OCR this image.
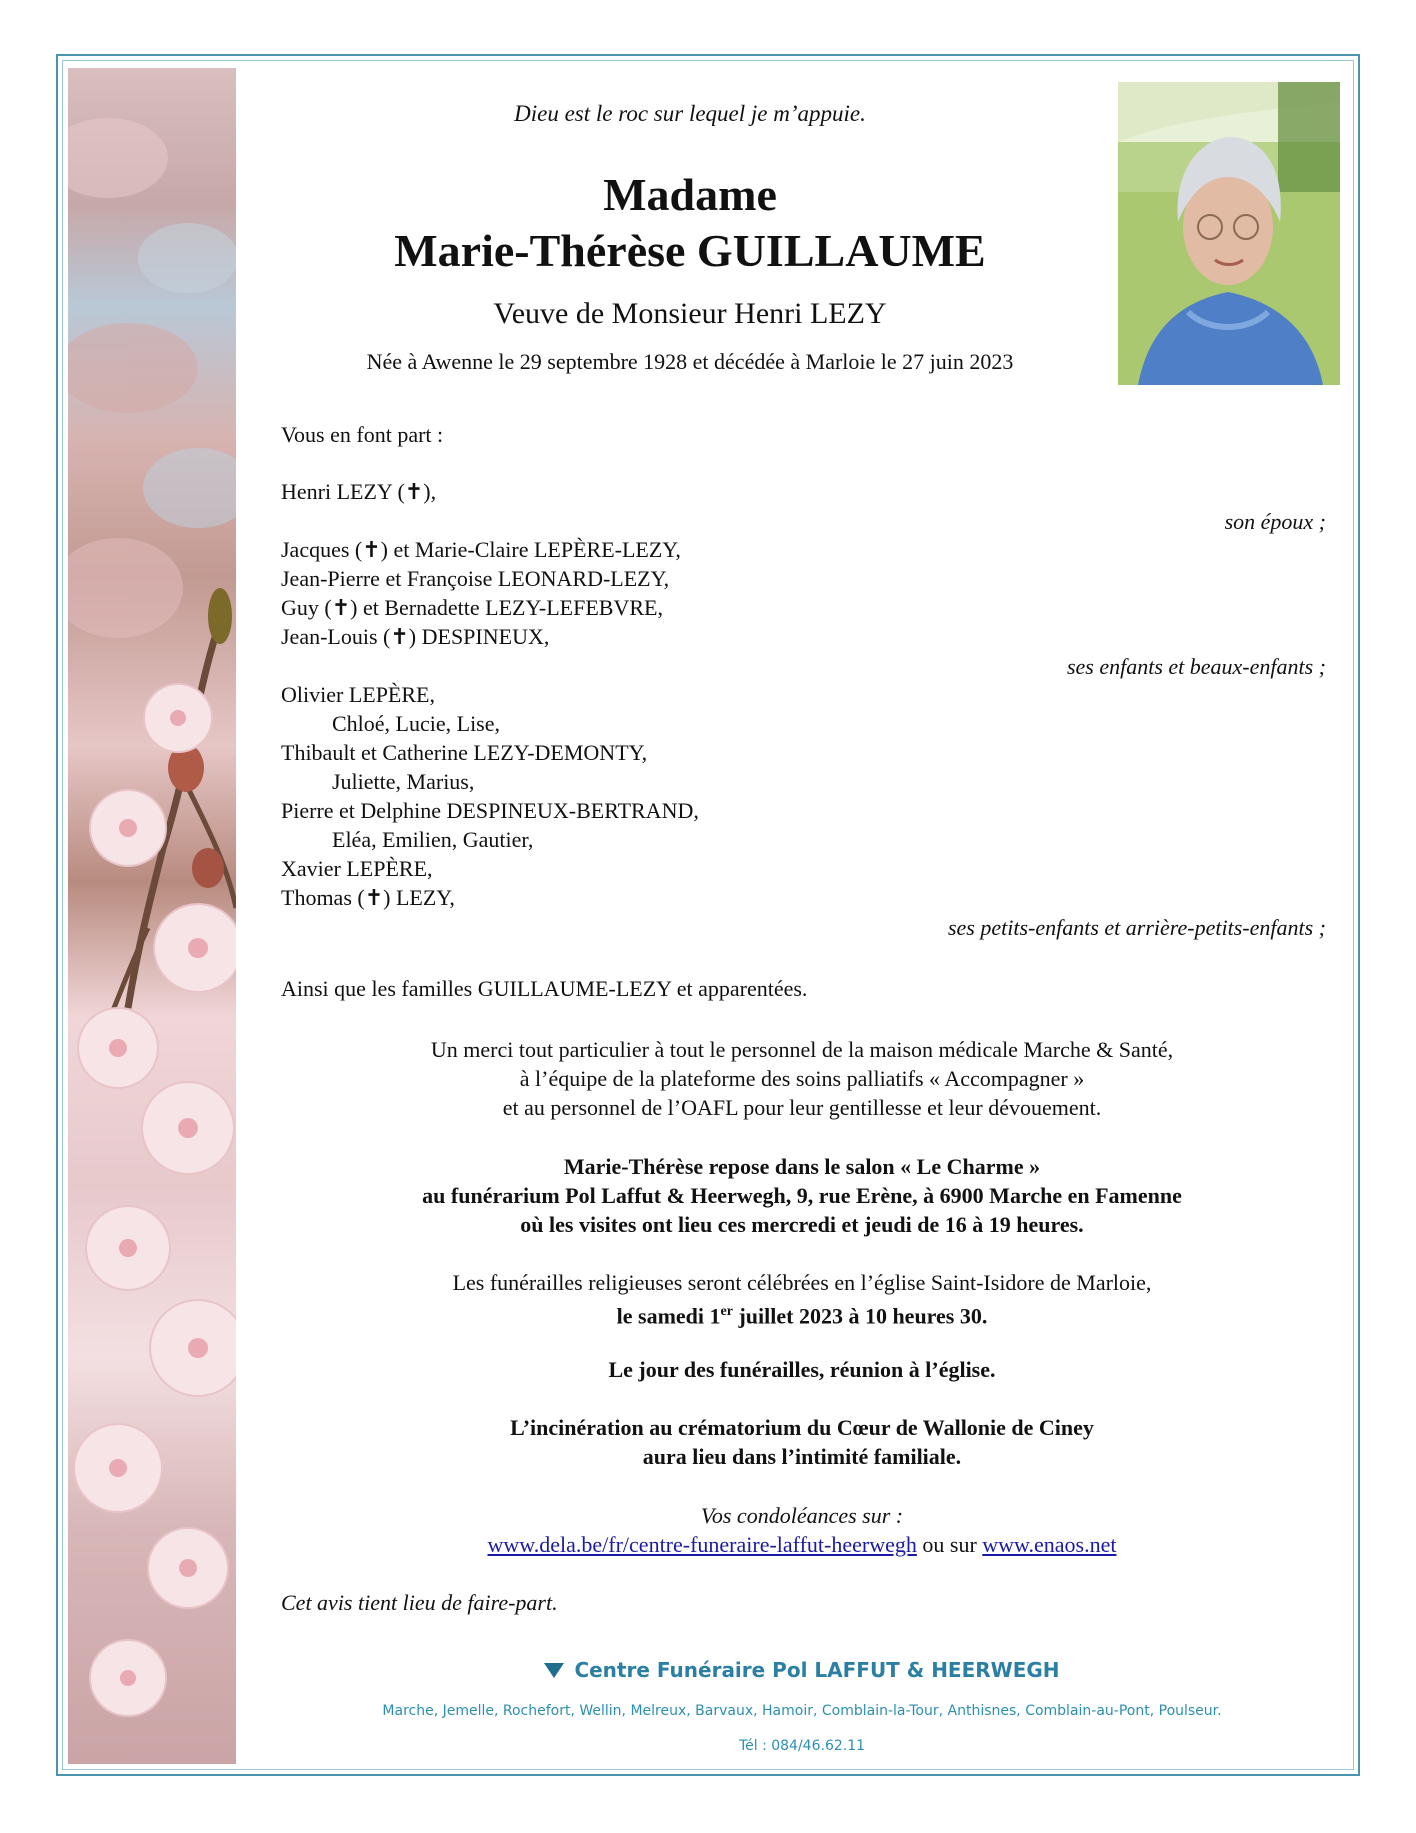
Dieu est le roc sur lequel je m’appuie.

Madame

Marie-Thérèse GUILLAUME

Veuve de Monsieur Henri LEZY

Née à Awenne le 29 septembre 1928 et décédée à Marloie le 27 juin 2023

Vous en font part :

Henri LEZY (✝),

son époux ;

Jacques (✝) et Marie-Claire LEPÈRE-LEZY,

Jean-Pierre et Françoise LEONARD-LEZY,

Guy (✝) et Bernadette LEZY-LEFEBVRE,

Jean-Louis (✝) DESPINEUX,

ses enfants et beaux-enfants ;

Olivier LEPÈRE,

Chloé, Lucie, Lise,

Thibault et Catherine LEZY-DEMONTY,

Juliette, Marius,

Pierre et Delphine DESPINEUX-BERTRAND,

Eléa, Emilien, Gautier,

Xavier LEPÈRE,

Thomas (✝) LEZY,

ses petits-enfants et arrière-petits-enfants ;

Ainsi que les familles GUILLAUME-LEZY et apparentées.

Un merci tout particulier à tout le personnel de la maison médicale Marche & Santé,

à l’équipe de la plateforme des soins palliatifs « Accompagner »

et au personnel de l’OAFL pour leur gentillesse et leur dévouement.

Marie-Thérèse repose dans le salon « Le Charme »

au funérarium Pol Laffut & Heerwegh, 9, rue Erène, à 6900 Marche en Famenne

où les visites ont lieu ces mercredi et jeudi de 16 à 19 heures.

Les funérailles religieuses seront célébrées en l’église Saint-Isidore de Marloie,

le samedi 1er juillet 2023 à 10 heures 30.

Le jour des funérailles, réunion à l’église.

L’incinération au crématorium du Cœur de Wallonie de Ciney

aura lieu dans l’intimité familiale.

Vos condoléances sur :

www.dela.be/fr/centre-funeraire-laffut-heerwegh ou sur www.enaos.net

Cet avis tient lieu de faire-part.

Centre Funéraire Pol LAFFUT & HEERWEGH

Marche, Jemelle, Rochefort, Wellin, Melreux, Barvaux, Hamoir, Comblain-la-Tour, Anthisnes, Comblain-au-Pont, Poulseur.

Tél : 084/46.62.11
